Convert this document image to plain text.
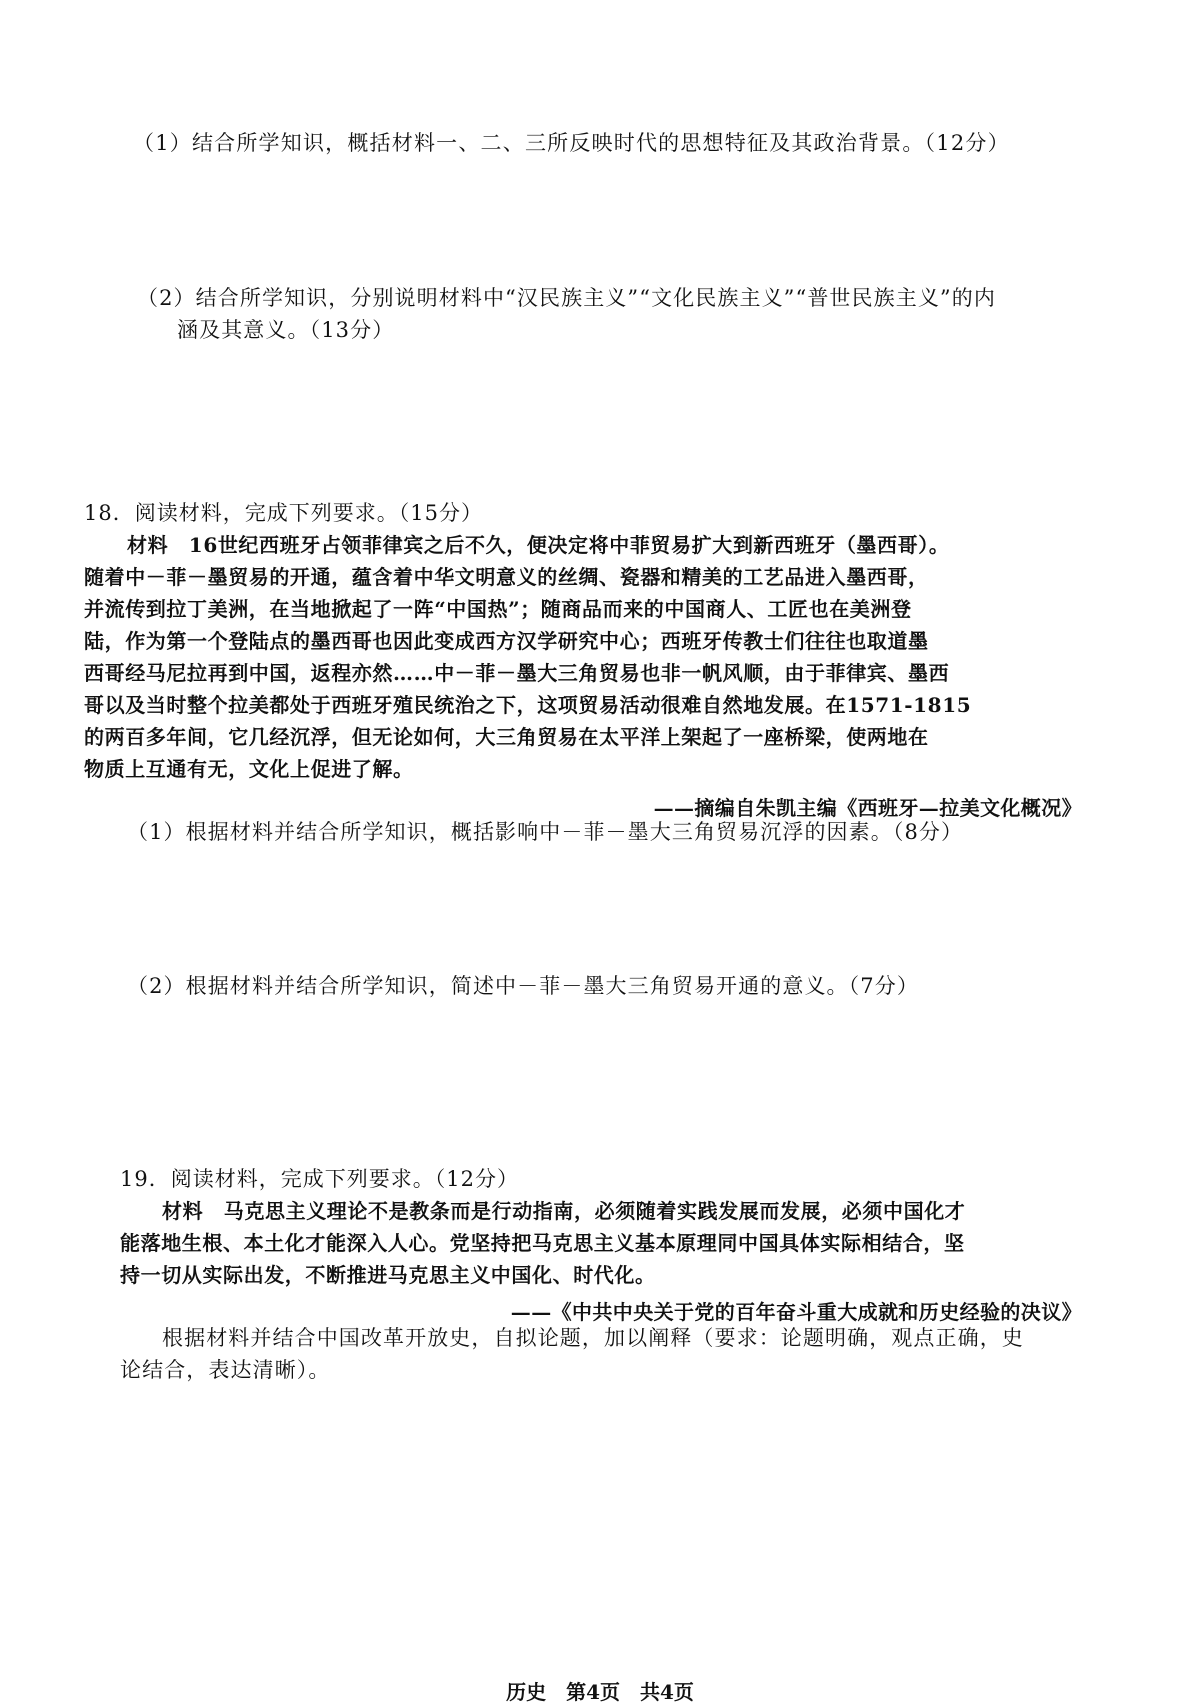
（1）结合所学知识，概括材料一、二、三所反映时代的思想特征及其政治背景。（12分）
（2）结合所学知识，分别说明材料中“汉民族主义”“文化民族主义”“普世民族主义”的内
涵及其意义。（13分）
18．阅读材料，完成下列要求。（15分）
材料　16世纪西班牙占领菲律宾之后不久，便决定将中菲贸易扩大到新西班牙（墨西哥）。
随着中－菲－墨贸易的开通，蕴含着中华文明意义的丝绸、瓷器和精美的工艺品进入墨西哥，
并流传到拉丁美洲，在当地掀起了一阵“中国热”；随商品而来的中国商人、工匠也在美洲登
陆，作为第一个登陆点的墨西哥也因此变成西方汉学研究中心；西班牙传教士们往往也取道墨
西哥经马尼拉再到中国，返程亦然……中－菲－墨大三角贸易也非一帆风顺，由于菲律宾、墨西
哥以及当时整个拉美都处于西班牙殖民统治之下，这项贸易活动很难自然地发展。在1571-1815
的两百多年间，它几经沉浮，但无论如何，大三角贸易在太平洋上架起了一座桥梁，使两地在
物质上互通有无，文化上促进了解。
——摘编自朱凯主编《西班牙—拉美文化概况》
（1）根据材料并结合所学知识，概括影响中－菲－墨大三角贸易沉浮的因素。（8分）
（2）根据材料并结合所学知识，简述中－菲－墨大三角贸易开通的意义。（7分）
19．阅读材料，完成下列要求。（12分）
材料　马克思主义理论不是教条而是行动指南，必须随着实践发展而发展，必须中国化才
能落地生根、本土化才能深入人心。党坚持把马克思主义基本原理同中国具体实际相结合，坚
持一切从实际出发，不断推进马克思主义中国化、时代化。
——《中共中央关于党的百年奋斗重大成就和历史经验的决议》
根据材料并结合中国改革开放史，自拟论题，加以阐释（要求：论题明确，观点正确，史
论结合，表达清晰）。
历史　第4页　共4页
